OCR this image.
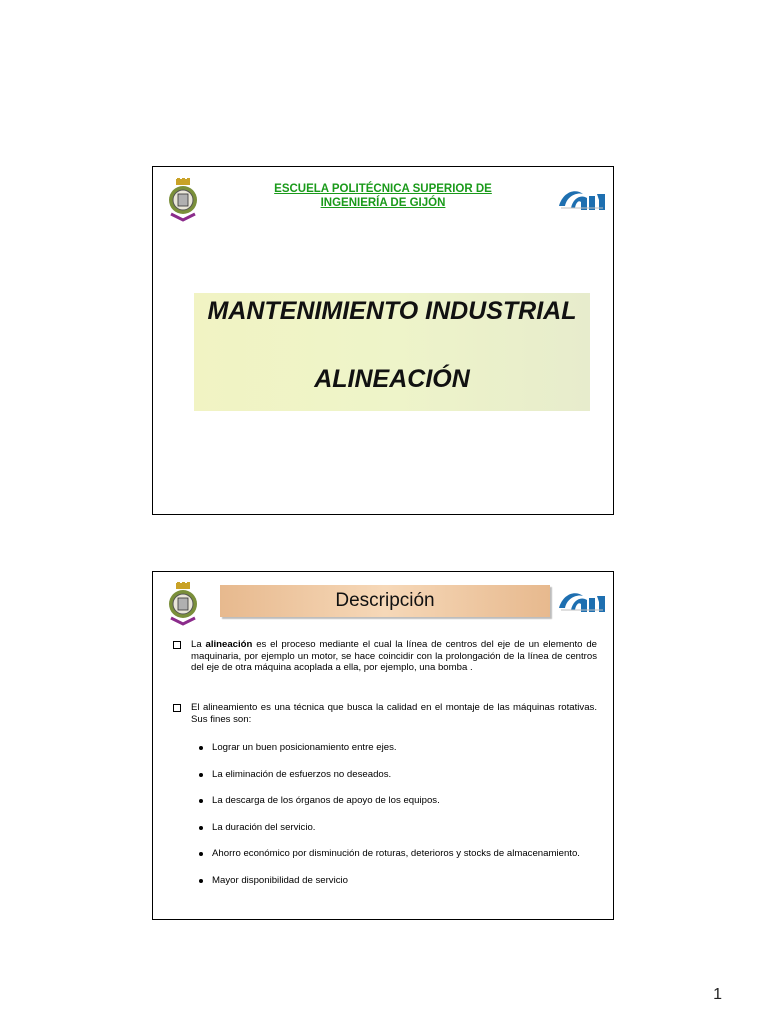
ESCUELA POLITÉCNICA SUPERIOR DE
INGENIERÍA DE GIJÓN
MANTENIMIENTO INDUSTRIAL
ALINEACIÓN
Descripción
La alineación es el proceso mediante el cual la línea de centros del eje de un elemento de maquinaria, por ejemplo un motor, se hace coincidir con la prolongación de la línea de centros del eje de otra máquina acoplada a ella, por ejemplo, una bomba .
El alineamiento es una técnica que busca la calidad en el montaje de las máquinas rotativas. Sus fines son:
Lograr un buen posicionamiento entre ejes.
La eliminación de esfuerzos no deseados.
La descarga de los órganos de apoyo de los equipos.
La duración del servicio.
Ahorro económico por disminución de roturas, deterioros y stocks de almacenamiento.
Mayor disponibilidad de servicio
1
